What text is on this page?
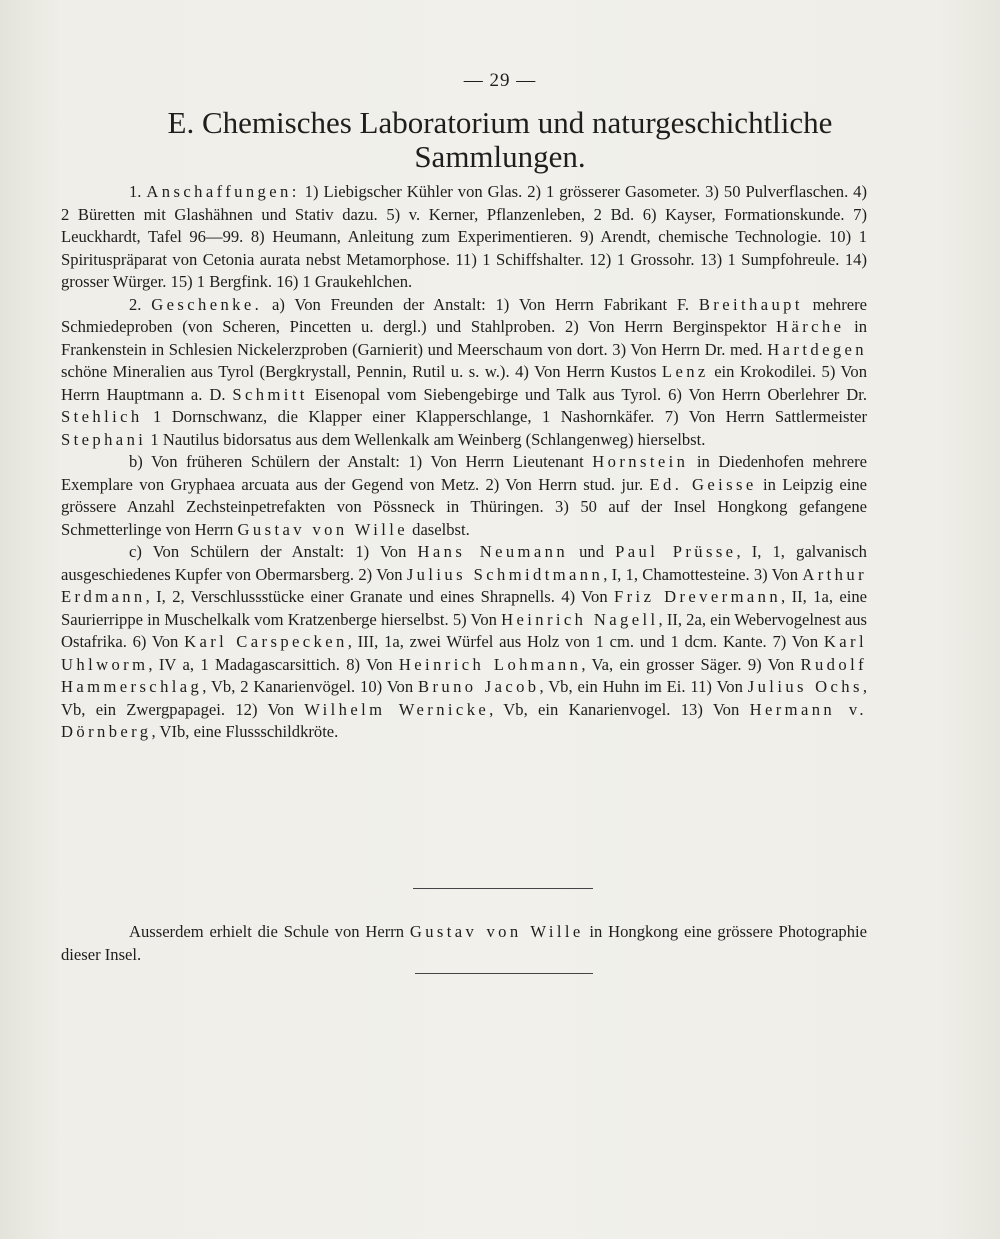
— 29 —
E. Chemisches Laboratorium und naturgeschichtliche Sammlungen.

1. Anschaffungen: 1) Liebigscher Kühler von Glas. 2) 1 grösserer Gasometer. 3) 50 Pulverflaschen. 4) 2 Büretten mit Glashähnen und Stativ dazu. 5) v. Kerner, Pflanzenleben, 2 Bd. 6) Kayser, Formationskunde. 7) Leuckhardt, Tafel 96—99. 8) Heumann, Anleitung zum Experimentieren. 9) Arendt, chemische Technologie. 10) 1 Spirituspräparat von Cetonia aurata nebst Metamorphose. 11) 1 Schiffshalter. 12) 1 Grossohr. 13) 1 Sumpfohreule. 14) grosser Würger. 15) 1 Bergfink. 16) 1 Graukehlchen.

2. Geschenke. a) Von Freunden der Anstalt: 1) Von Herrn Fabrikant F. Breithaupt mehrere Schmiedeproben (von Scheren, Pincetten u. dergl.) und Stahlproben. 2) Von Herrn Berginspektor Härche in Frankenstein in Schlesien Nickelerzproben (Garnierit) und Meerschaum von dort. 3) Von Herrn Dr. med. Hartdegen schöne Mineralien aus Tyrol (Bergkrystall, Pennin, Rutil u. s. w.). 4) Von Herrn Kustos Lenz ein Krokodilei. 5) Von Herrn Hauptmann a. D. Schmitt Eisenopal vom Siebengebirge und Talk aus Tyrol. 6) Von Herrn Oberlehrer Dr. Stehlich 1 Dornschwanz, die Klapper einer Klapperschlange, 1 Nashornkäfer. 7) Von Herrn Sattlermeister Stephani 1 Nautilus bidorsatus aus dem Wellenkalk am Weinberg (Schlangenweg) hierselbst.

b) Von früheren Schülern der Anstalt: 1) Von Herrn Lieutenant Hornstein in Diedenhofen mehrere Exemplare von Gryphaea arcuata aus der Gegend von Metz. 2) Von Herrn stud. jur. Ed. Geisse in Leipzig eine grössere Anzahl Zechsteinpetrefakten von Pössneck in Thüringen. 3) 50 auf der Insel Hongkong gefangene Schmetterlinge von Herrn Gustav von Wille daselbst.

c) Von Schülern der Anstalt: 1) Von Hans Neumann und Paul Prüsse, I, 1, galvanisch ausgeschiedenes Kupfer von Obermarsberg. 2) Von Julius Schmidtmann, I, 1, Chamottesteine. 3) Von Arthur Erdmann, I, 2, Verschlussstücke einer Granate und eines Shrapnells. 4) Von Friz Drevermann, II, 1a, eine Saurierrippe in Muschelkalk vom Kratzenberge hierselbst. 5) Von Heinrich Nagell, II, 2a, ein Webervogelnest aus Ostafrika. 6) Von Karl Carspecken, III, 1a, zwei Würfel aus Holz von 1 cm. und 1 dcm. Kante. 7) Von Karl Uhlworm, IV a, 1 Madagascarsittich. 8) Von Heinrich Lohmann, Va, ein grosser Säger. 9) Von Rudolf Hammerschlag, Vb, 2 Kanarienvögel. 10) Von Bruno Jacob, Vb, ein Huhn im Ei. 11) Von Julius Ochs, Vb, ein Zwergpapagei. 12) Von Wilhelm Wernicke, Vb, ein Kanarienvogel. 13) Von Hermann v. Dörnberg, VIb, eine Flussschildkröte.

Ausserdem erhielt die Schule von Herrn Gustav von Wille in Hongkong eine grössere Photographie dieser Insel.
